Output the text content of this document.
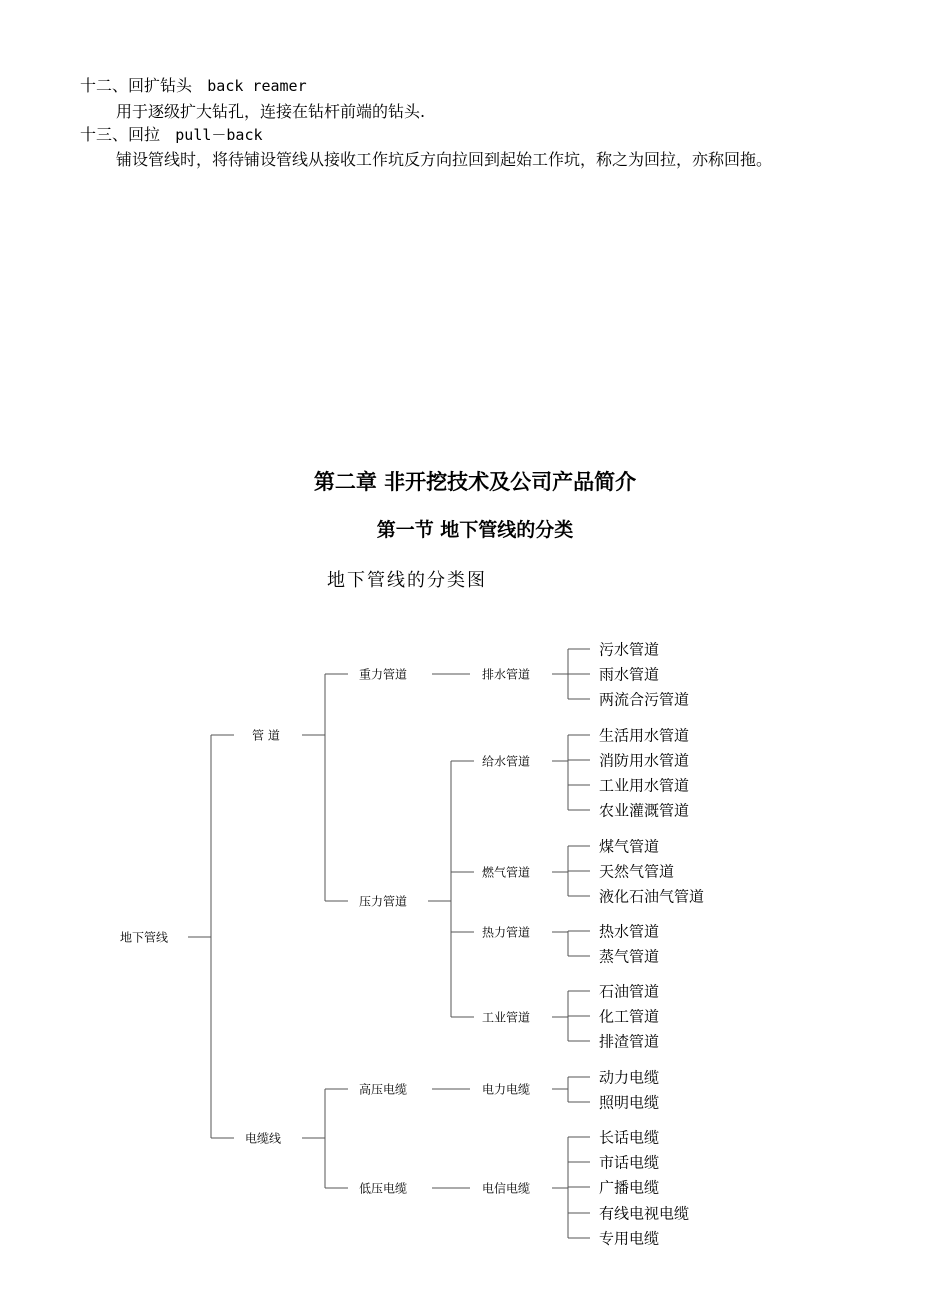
十二、回扩钻头 back reamer
用于逐级扩大钻孔，连接在钻杆前端的钻头.
十三、回拉 pull－back
铺设管线时，将待铺设管线从接收工作坑反方向拉回到起始工作坑，称之为回拉，亦称回拖。
第二章 非开挖技术及公司产品简介
第一节 地下管线的分类
地下管线的分类图
地下管线
管 道
电缆线
重力管道
压力管道
高压电缆
低压电缆
排水管道
给水管道
燃气管道
热力管道
工业管道
电力电缆
电信电缆
污水管道
雨水管道
两流合污管道
生活用水管道
消防用水管道
工业用水管道
农业灌溉管道
煤气管道
天然气管道
液化石油气管道
热水管道
蒸气管道
石油管道
化工管道
排渣管道
动力电缆
照明电缆
长话电缆
市话电缆
广播电缆
有线电视电缆
专用电缆
